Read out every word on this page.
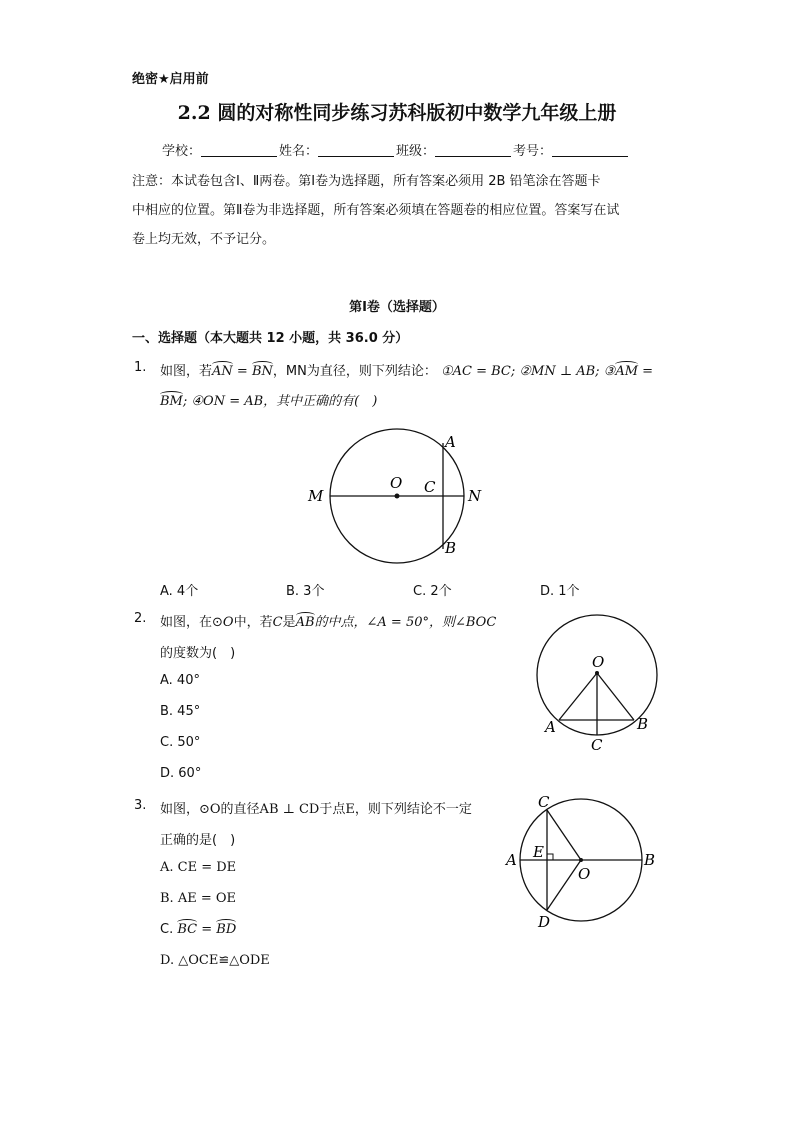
绝密★启用前
2.2 圆的对称性同步练习苏科版初中数学九年级上册
学校：	姓名：	班级：	考号：
注意：本试卷包含Ⅰ、Ⅱ两卷。第Ⅰ卷为选择题，所有答案必须用 2B 铅笔涂在答题卡
中相应的位置。第Ⅱ卷为非选择题，所有答案必须填在答题卷的相应位置。答案写在试
卷上均无效，不予记分。
第Ⅰ卷（选择题）
一、选择题（本大题共 12 小题，共 36.0 分）
1. 如图，若AN = BN，MN为直径，则下列结论： ①AC = BC; ②MN ⊥ AB; ③AM =
BM; ④ON = AB，其中正确的有(　)
A
B
C
O
M	N
A. 4个	B. 3个	C. 2个	D. 1个
2. 如图，在⊙O中，若C是AB的中点，∠A = 50°，则∠BOC
的度数为(　)
A. 40°
B. 45°
C. 50°
D. 60°
O
A	B
C
3. 如图，⊙O的直径AB ⊥ CD于点E，则下列结论不一定
正确的是(　)
A. CE = DE
B. AE = OE
C. BC = BD
D. △OCE≌△ODE
C
D
A	B
E
O
